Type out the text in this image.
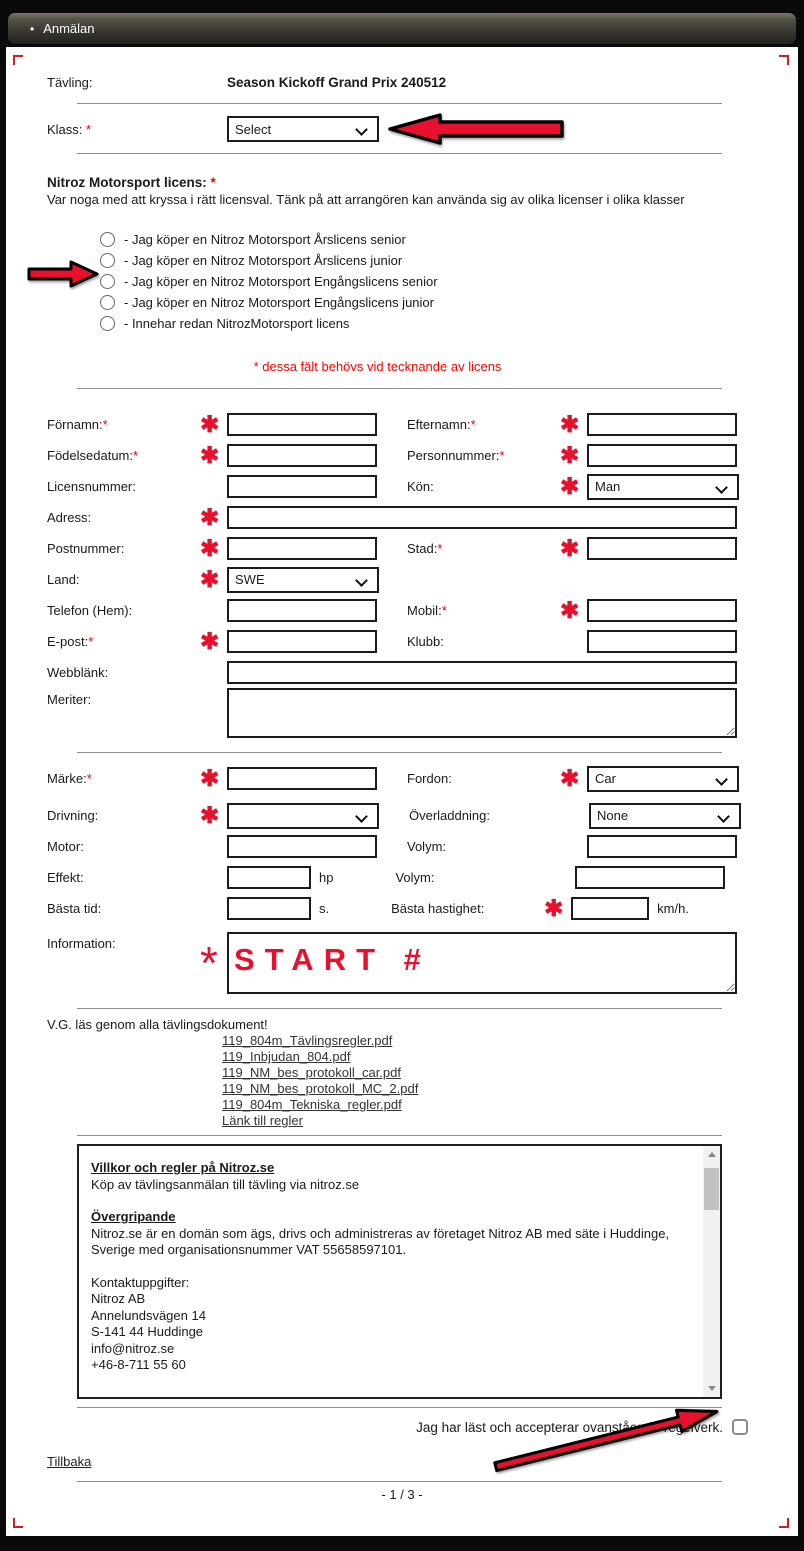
• Anmälan
Tävling:	Season Kickoff Grand Prix 240512
Klass: *	Select
Nitroz Motorsport licens: *
Var noga med att kryssa i rätt licensval. Tänk på att arrangören kan använda sig av olika licenser i olika klasser
- Jag köper en Nitroz Motorsport Årslicens senior
- Jag köper en Nitroz Motorsport Årslicens junior
- Jag köper en Nitroz Motorsport Engångslicens senior
- Jag köper en Nitroz Motorsport Engångslicens junior
- Innehar redan NitrozMotorsport licens
* dessa fält behövs vid tecknande av licens
Förnamn:*	✱	Efternamn:*	✱
Födelsedatum:*	✱	Personnummer:*	✱
Licensnummer:	Kön:	✱	Man
Adress:	✱
Postnummer:	✱	Stad:*	✱
Land:	✱	SWE
Telefon (Hem):	Mobil:*	✱
E-post:*	✱	Klubb:
Webblänk:
Meriter:
Märke:*	✱	Fordon:	✱	Car
Drivning:	✱	Överladdning:	None
Motor:	Volym:
Effekt:	hp	Volym:
Bästa tid:	s.	Bästa hastighet:	✱	km/h.
Information:	*
START #
V.G. läs genom alla tävlingsdokument!
119_804m_Tävlingsregler.pdf
119_Inbjudan_804.pdf
119_NM_bes_protokoll_car.pdf
119_NM_bes_protokoll_MC_2.pdf
119_804m_Tekniska_regler.pdf
Länk till regler
Villkor och regler på Nitroz.se
Köp av tävlingsanmälan till tävling via nitroz.se
Övergripande
Nitroz.se är en domän som ägs, drivs och administreras av företaget Nitroz AB med säte i Huddinge, Sverige med organisationsnummer VAT 55658597101.
Kontaktuppgifter:
Nitroz AB
Annelundsvägen 14
S-141 44 Huddinge
info@nitroz.se
+46-8-711 55 60
Jag har läst och accepterar ovanstående regelverk.
Tillbaka
- 1 / 3 -
